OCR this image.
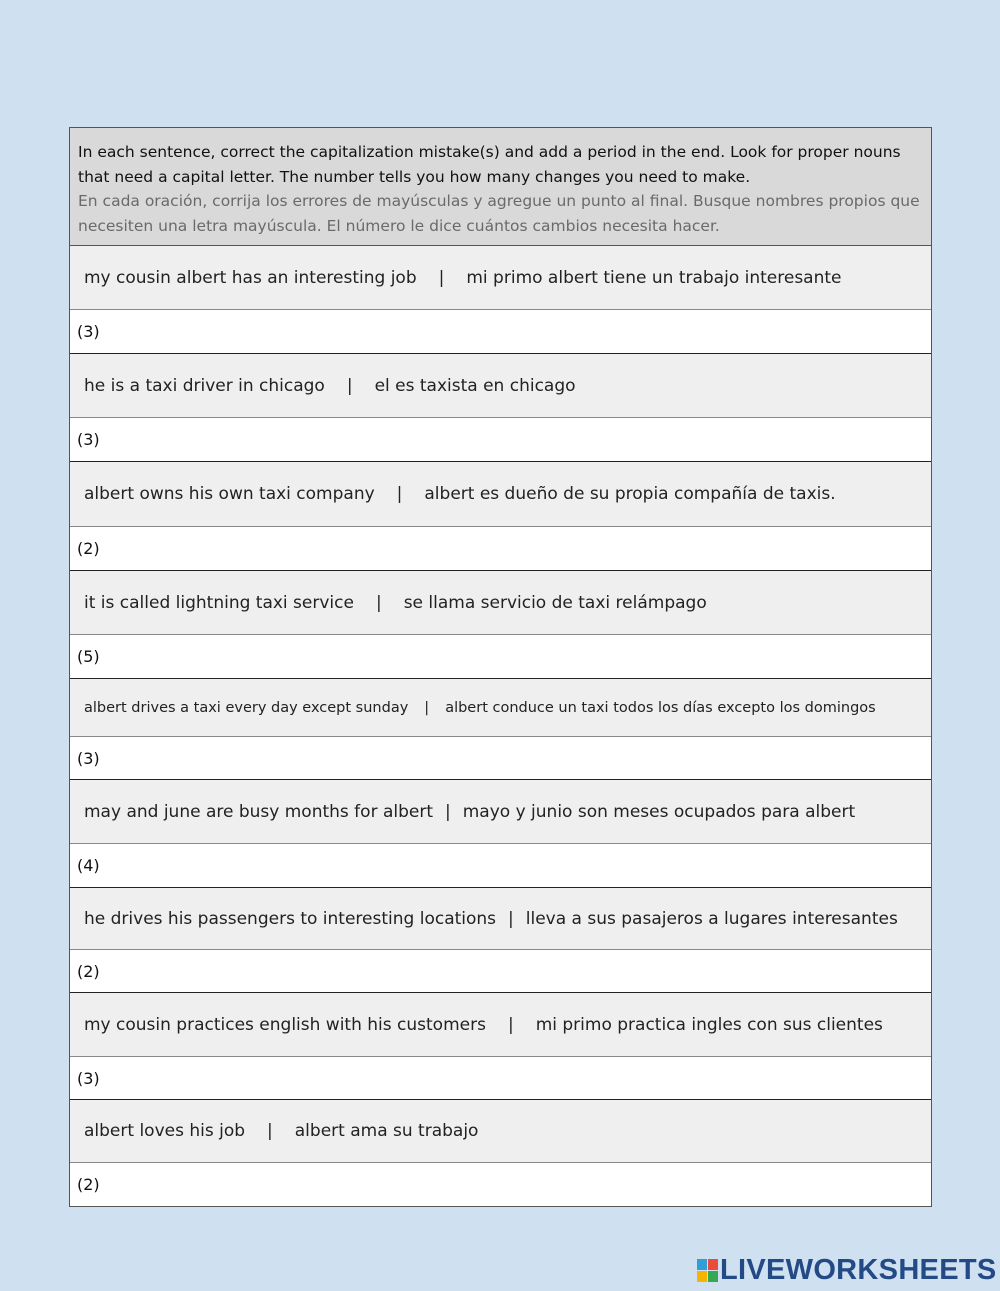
In each sentence, correct the capitalization mistake(s) and add a period in the end. Look for proper nouns that need a capital letter. The number tells you how many changes you need to make.
En cada oración, corrija los errores de mayúsculas y agregue un punto al final. Busque nombres propios que necesiten una letra mayúscula. El número le dice cuántos cambios necesita hacer.
my cousin albert has an interesting job | mi primo albert tiene un trabajo interesante
(3)
he is a taxi driver in chicago | el es taxista en chicago
(3)
albert owns his own taxi company | albert es dueño de su propia compañía de taxis.
(2)
it is called lightning taxi service | se llama servicio de taxi relámpago
(5)
albert drives a taxi every day except sunday | albert conduce un taxi todos los días excepto los domingos
(3)
may and june are busy months for albert | mayo y junio son meses ocupados para albert
(4)
he drives his passengers to interesting locations | lleva a sus pasajeros a lugares interesantes
(2)
my cousin practices english with his customers | mi primo practica ingles con sus clientes
(3)
albert loves his job | albert ama su trabajo
(2)
LIVEWORKSHEETS
